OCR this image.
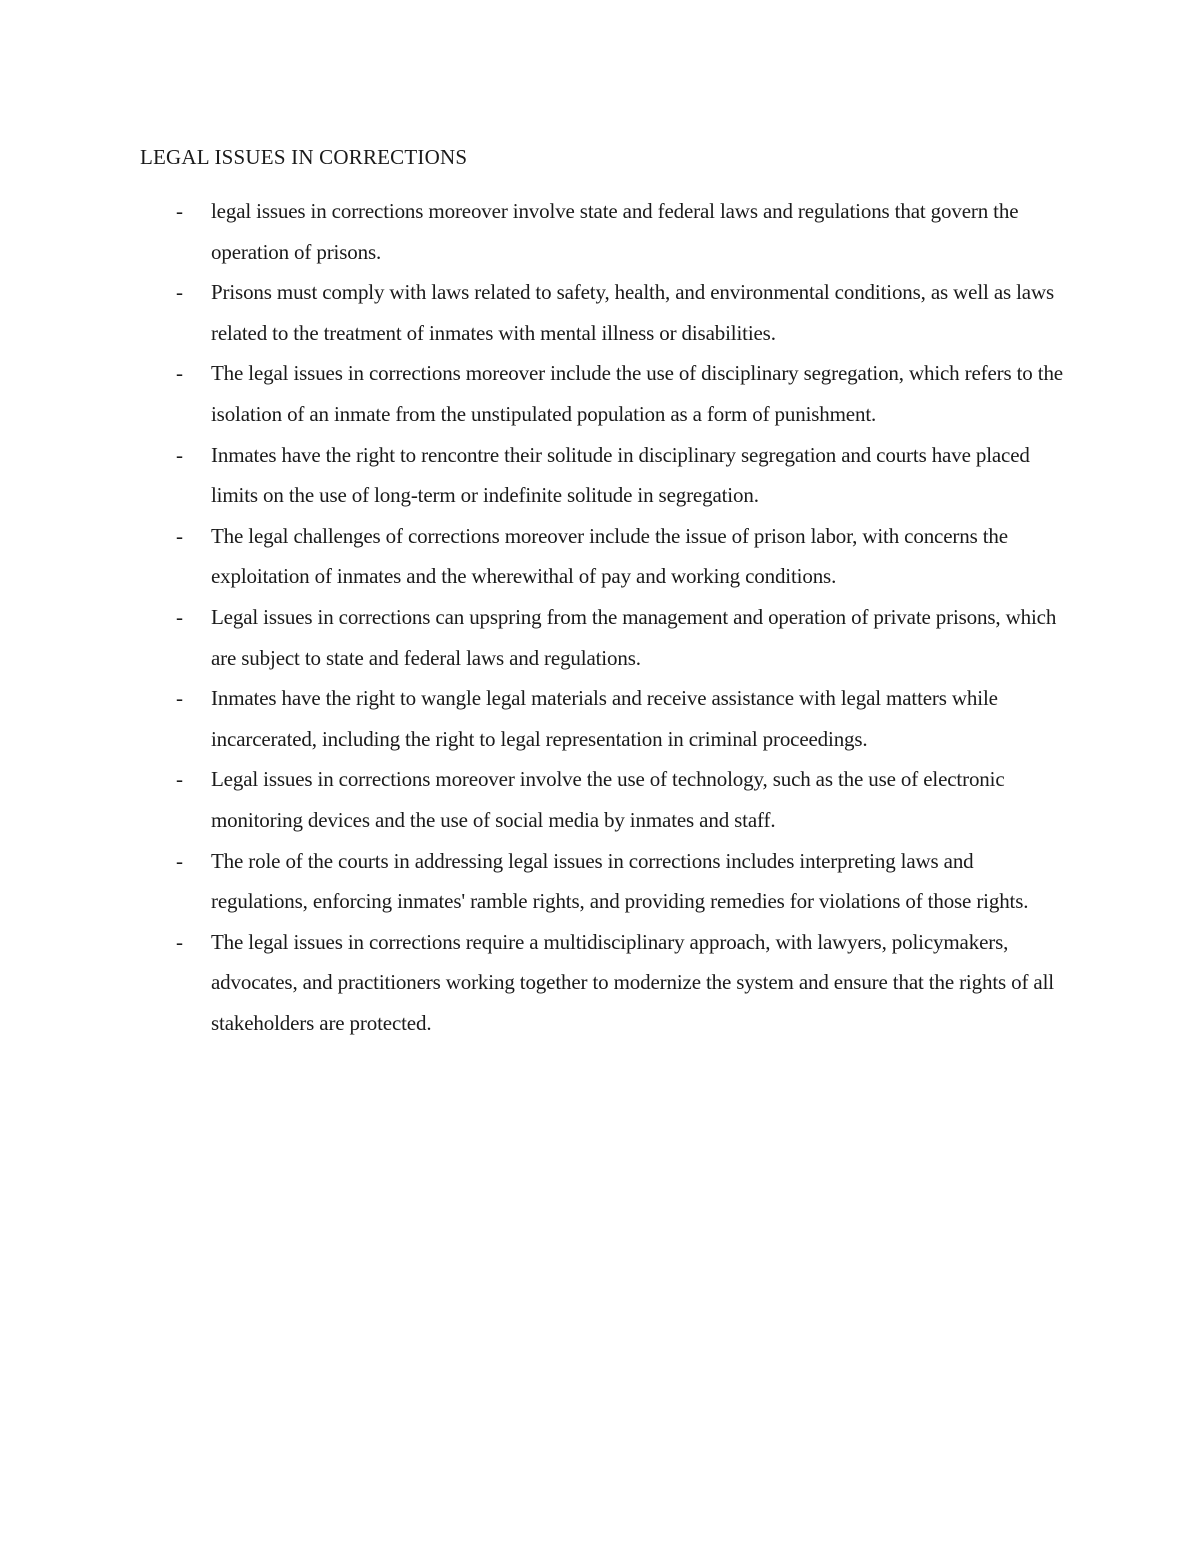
LEGAL ISSUES IN CORRECTIONS
- legal issues in corrections moreover involve state and federal laws and regulations that govern the operation of prisons.
- Prisons must comply with laws related to safety, health, and environmental conditions, as well as laws related to the treatment of inmates with mental illness or disabilities.
- The legal issues in corrections moreover include the use of disciplinary segregation, which refers to the isolation of an inmate from the unstipulated population as a form of punishment.
- Inmates have the right to rencontre their solitude in disciplinary segregation and courts have placed limits on the use of long-term or indefinite solitude in segregation.
- The legal challenges of corrections moreover include the issue of prison labor, with concerns the exploitation of inmates and the wherewithal of pay and working conditions.
- Legal issues in corrections can upspring from the management and operation of private prisons, which are subject to state and federal laws and regulations.
- Inmates have the right to wangle legal materials and receive assistance with legal matters while incarcerated, including the right to legal representation in criminal proceedings.
- Legal issues in corrections moreover involve the use of technology, such as the use of electronic monitoring devices and the use of social media by inmates and staff.
- The role of the courts in addressing legal issues in corrections includes interpreting laws and regulations, enforcing inmates' ramble rights, and providing remedies for violations of those rights.
- The legal issues in corrections require a multidisciplinary approach, with lawyers, policymakers, advocates, and practitioners working together to modernize the system and ensure that the rights of all stakeholders are protected.
